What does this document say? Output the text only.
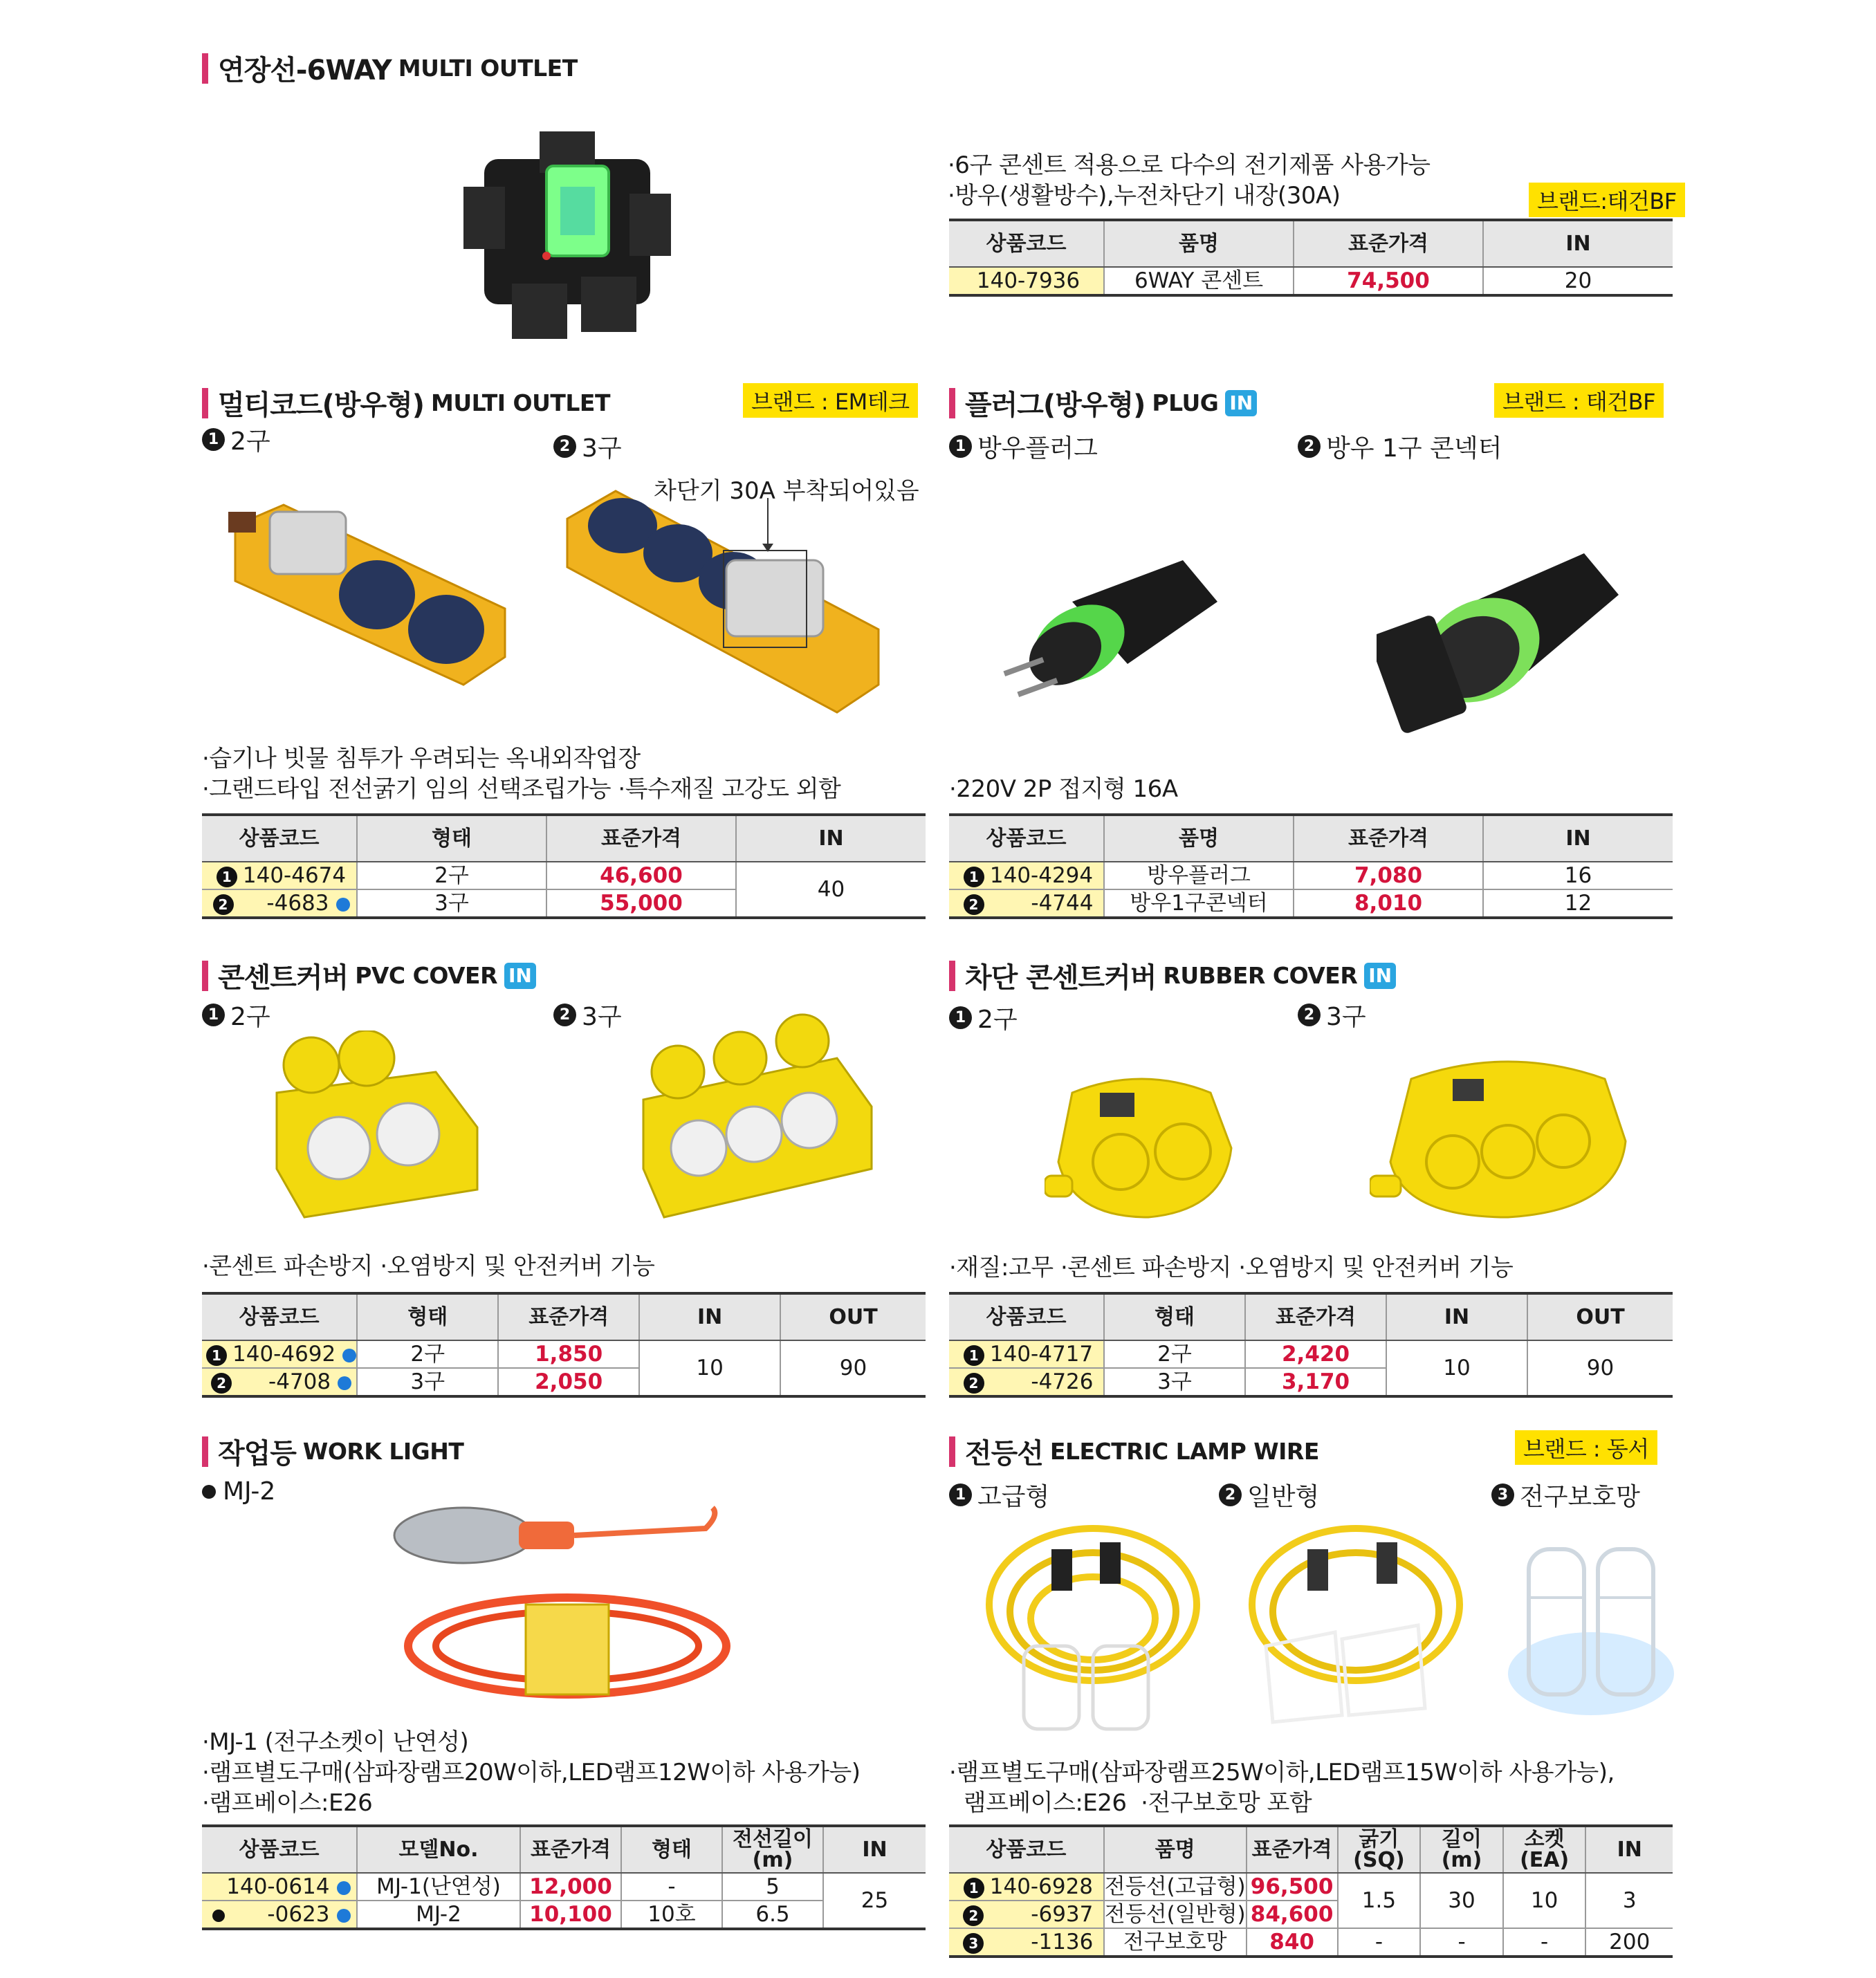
연장선-6WAY MULTI OUTLET
·6구 콘센트 적용으로 다수의 전기제품 사용가능
·방우(생활방수),누전차단기 내장(30A)	브랜드:태건BF
상품코드	품명	표준가격	IN
140-7936	6WAY 콘센트	74,500	20
멀티코드(방우형) MULTI OUTLET	브랜드 : EM테크
1 2구	2 3구
차단기 30A 부착되어있음
·습기나 빗물 침투가 우려되는 옥내외작업장
·그랜드타입 전선굵기 임의 선택조립가능 ·특수재질 고강도 외함
상품코드	형태	표준가격	IN
1 140-4674	2구	46,600	40
2 -4683	3구	55,000	
플러그(방우형) PLUG IN	브랜드 : 태건BF
1 방우플러그	2 방우 1구 콘넥터
·220V 2P 접지형 16A
상품코드	품명	표준가격	IN
1 140-4294	방우플러그	7,080	16
2 -4744	방우1구콘넥터	8,010	12
콘센트커버 PVC COVER IN
1 2구	2 3구
·콘센트 파손방지 ·오염방지 및 안전커버 기능
상품코드	형태	표준가격	IN	OUT
1 140-4692	2구	1,850	10	90
2 -4708	3구	2,050		
차단 콘센트커버 RUBBER COVER IN
1 2구	2 3구
·재질:고무 ·콘센트 파손방지 ·오염방지 및 안전커버 기능
상품코드	형태	표준가격	IN	OUT
1 140-4717	2구	2,420	10	90
2 -4726	3구	3,170		
작업등 WORK LIGHT
MJ-2
·MJ-1 (전구소켓이 난연성)
·램프별도구매(삼파장램프20W이하,LED램프12W이하 사용가능)
·램프베이스:E26
상품코드	모델No.	표준가격	형태	전선길이
(m)	IN
140-0614	MJ-1(난연성)	12,000	-	5	25
-0623	MJ-2	10,100	10호	6.5	
전등선 ELECTRIC LAMP WIRE	브랜드 : 동서
1 고급형	2 일반형	3 전구보호망
·램프별도구매(삼파장램프25W이하,LED램프15W이하 사용가능),
램프베이스:E26  ·전구보호망 포함
상품코드	품명	표준가격	굵기
(SQ)	길이
(m)	소켓
(EA)	IN
1 140-6928	전등선(고급형)	96,500	1.5	30	10	3
2 -6937	전등선(일반형)	84,600				
3 -1136	전구보호망	840	-	-	-	200
